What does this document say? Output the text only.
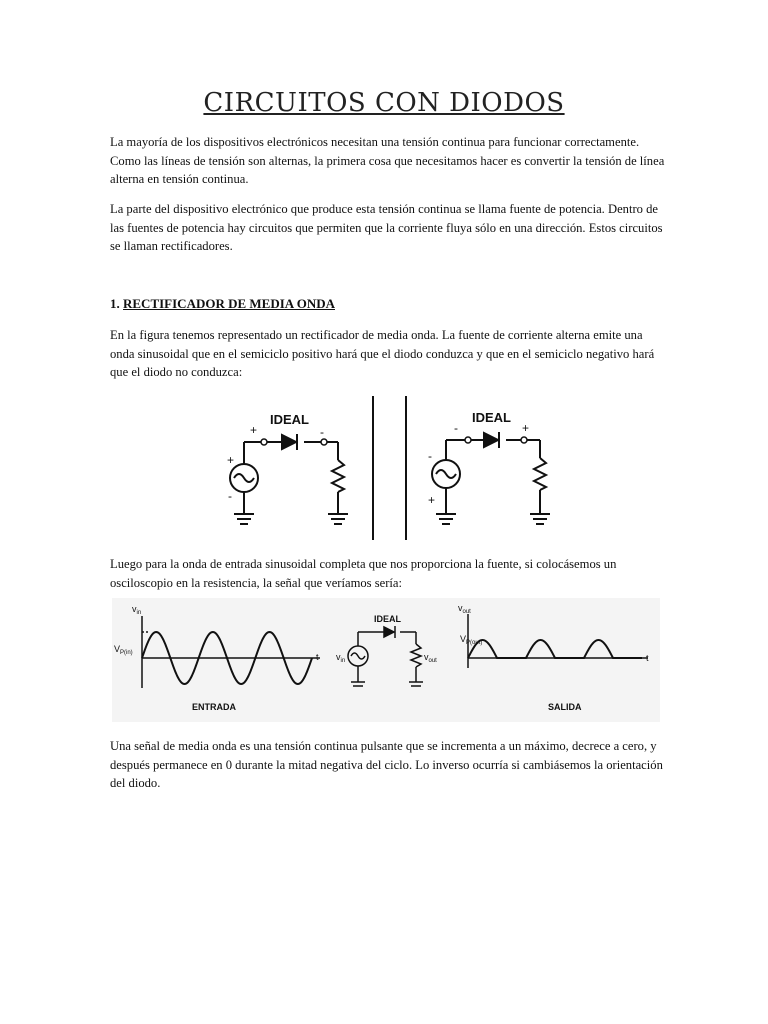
CIRCUITOS CON DIODOS

La mayoría de los dispositivos electrónicos necesitan una tensión continua para funcionar correctamente. Como las líneas de tensión son alternas, la primera cosa que necesitamos hacer es convertir la tensión de línea alterna en tensión continua.

La parte del dispositivo electrónico que produce esta tensión continua se llama fuente de potencia. Dentro de las fuentes de potencia hay circuitos que permiten que la corriente fluya sólo en una dirección. Estos circuitos se llaman rectificadores.

1. RECTIFICADOR DE MEDIA ONDA

En la figura tenemos representado un rectificador de media onda. La fuente de corriente alterna emite una onda sinusoidal que en el semiciclo positivo hará que el diodo conduzca y que en el semiciclo negativo hará que el diodo no conduzca:

IDEAL	IDEAL
+	-
+
-
-	+
-
+

Luego para la onda de entrada sinusoidal completa que nos proporciona la fuente, si colocásemos un osciloscopio en la resistencia, la señal que veríamos sería:

$v_{in}$
$V_{P(in)}$	t
$v_{out}$
$V_{P(out)}$
t
$v_{in}$	$v_{out}$
IDEAL
ENTRADA	SALIDA

Una señal de media onda es una tensión continua pulsante que se incrementa a un máximo, decrece a cero, y después permanece en 0 durante la mitad negativa del ciclo. Lo inverso ocurría si cambiásemos la orientación del diodo.
